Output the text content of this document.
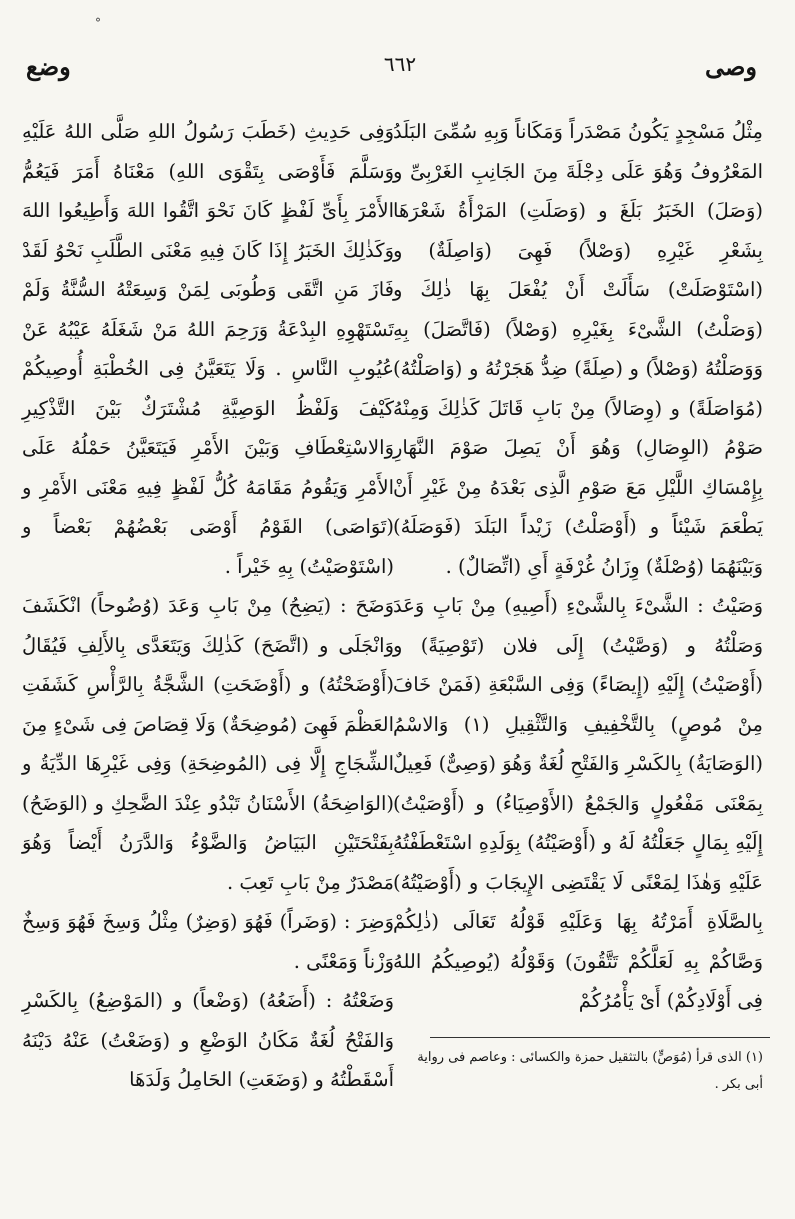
وصى
٦٦٢
وضع
°

مِثْلُ مَسْجِدٍ يَكُونُ مَصْدَراً وَمَكَاناً وَبِهِ سُمِّىَ البَلَدُ المَعْرُوفُ وَهُوَ عَلَى دِجْلَةَ مِنَ الجَانِبِ الغَرْبِىِّ و (وَصَلَ) الخَبَرُ بَلَغَ و (وَصَلَتِ) المَرْأَةُ شَعْرَهَا بِشَعْرِ غَيْرِهِ (وَصْلاً) فَهِىَ (وَاصِلَةٌ) و (اسْتَوْصَلَتْ) سَأَلَتْ أَنْ يُفْعَلَ بِهَا ذٰلِكَ و (وَصَلْتُ) الشَّىْءَ بِغَيْرِهِ (وَصْلاً) (فَاتَّصَلَ) بِهِ وَوَصَلْتُهُ (وَصْلاً) و (صِلَةً) ضِدُّ هَجَرْتُهُ و (وَاصَلْتُهُ) (مُوَاصَلَةً) و (وِصَالاً) مِنْ بَابِ قَاتَلَ كَذٰلِكَ وَمِنْهُ صَوْمُ (الوِصَالِ) وَهُوَ أَنْ يَصِلَ صَوْمَ النَّهَارِ بِإِمْسَاكِ اللَّيْلِ مَعَ صَوْمِ الَّذِى بَعْدَهُ مِنْ غَيْرِ أَنْ يَطْعَمَ شَيْئاً و (أَوْصَلْتُ) زَيْداً البَلَدَ (فَوَصَلَهُ) وَبَيْنَهُمَا (وُصْلَةٌ) وِزَانُ غُرْفَةٍ أَىِ (اتِّصَالٌ) .

وَصَيْتُ : الشَّىْءَ بِالشَّىْءِ (أَصِيهِ) مِنْ بَابِ وَعَدَ وَصَلْتُهُ و (وَصَّيْتُ) إِلَى فلان (تَوْصِيَةً) و (أَوْصَيْتُ) إِلَيْهِ (إِيصَاءً) وَفِى السَّبْعَةِ (فَمَنْ خَافَ مِنْ مُوصٍ) بِالتَّخْفِيفِ وَالتَّثْقِيلِ (١) وَالاسْمُ (الوَصَايَةُ) بِالكَسْرِ وَالفَتْحِ لُغَةٌ وَهُوَ (وَصِىٌّ) فَعِيلٌ بِمَعْنَى مَفْعُولٍ وَالجَمْعُ (الأَوْصِيَاءُ) و (أَوْصَيْتُ) إِلَيْهِ بِمَالٍ جَعَلْتُهُ لَهُ و (أَوْصَيْتُهُ) بِوَلَدِهِ اسْتَعْطَفْتُهُ عَلَيْهِ وَهٰذَا لِمَعْنًى لَا يَقْتَضِى الإِيجَابَ و (أَوْصَيْتُهُ) بِالصَّلَاةِ أَمَرْتُهُ بِهَا وَعَلَيْهِ قَوْلُهُ تَعَالَى (ذٰلِكُمْ وَصَّاكُمْ بِهِ لَعَلَّكُمْ تَتَّقُونَ) وَقَوْلُهُ (يُوصِيكُمُ اللهُ فِى أَوْلَادِكُمْ) أَىْ يَأْمُرُكُمْ

وَفِى حَدِيثِ (خَطَبَ رَسُولُ اللهِ صَلَّى اللهُ عَلَيْهِ وَسَلَّمَ فَأَوْصَى بِتَقْوَى اللهِ) مَعْنَاهُ أَمَرَ فَيَعُمُّ الأَمْرَ بِأَىِّ لَفْظٍ كَانَ نَحْوَ اتَّقُوا اللهَ وَأَطِيعُوا اللهَ وَكَذٰلِكَ الخَبَرُ إِذَا كَانَ فِيهِ مَعْنَى الطَّلَبِ نَحْوُ لَقَدْ فَازَ مَنِ اتَّقَى وَطُوبَى لِمَنْ وَسِعَتْهُ السُّنَّةُ وَلَمْ تَسْتَهْوِهِ البِدْعَةُ وَرَحِمَ اللهُ مَنْ شَغَلَهُ عَيْبُهُ عَنْ عُيُوبِ النَّاسِ . وَلَا يَتَعَيَّنُ فِى الخُطْبَةِ أُوصِيكُمْ كَيْفَ وَلَفْظُ الوَصِيَّةِ مُشْتَرَكٌ بَيْنَ التَّذْكِيرِ وَالاسْتِعْطَافِ وَبَيْنَ الأَمْرِ فَيَتَعَيَّنُ حَمْلُهُ عَلَى الأَمْرِ وَيَقُومُ مَقَامَهُ كُلُّ لَفْظٍ فِيهِ مَعْنَى الأَمْرِ و (تَوَاصَى) القَوْمُ أَوْصَى بَعْضُهُمْ بَعْضاً و (اسْتَوْصَيْتُ) بِهِ خَيْراً .

وَضَحَ : (يَضِحُ) مِنْ بَابِ وَعَدَ (وُضُوحاً) انْكَشَفَ وَانْجَلَى و (اتَّضَحَ) كَذٰلِكَ وَيَتَعَدَّى بِالأَلِفِ فَيُقَالُ (أَوْضَحْتُهُ) و (أَوْضَحَتِ) الشَّجَّةُ بِالرَّأْسِ كَشَفَتِ العَظْمَ فَهِىَ (مُوضِحَةٌ) وَلَا قِصَاصَ فِى شَىْءٍ مِنَ الشِّجَاجِ إِلَّا فِى (المُوضِحَةِ) وَفِى غَيْرِهَا الدِّيَةُ و (الوَاضِحَةُ) الأَسْنَانُ تَبْدُو عِنْدَ الضَّحِكِ و (الوَضَحُ) بِفَتْحَتَيْنِ البَيَاضُ وَالضَّوْءُ وَالدَّرَنُ أَيْضاً وَهُوَ مَصْدَرٌ مِنْ بَابِ تَعِبَ .

وَضِرَ : (وَضَراً) فَهُوَ (وَضِرٌ) مِثْلُ وَسِخَ فَهُوَ وَسِخٌ وَزْناً وَمَعْنًى .

وَضَعْتُهُ : (أَضَعُهُ) (وَضْعاً) و (المَوْضِعُ) بِالكَسْرِ وَالفَتْحُ لُغَةٌ مَكَانُ الوَضْعِ و (وَضَعْتُ) عَنْهُ دَيْنَهُ أَسْقَطْتُهُ و (وَضَعَتِ) الحَامِلُ وَلَدَهَا

(١) الذى قرأ (مُوَصٍّ) بالتثقيل حمزة والكسائى : وعاصم فى رواية أبى بكر .
